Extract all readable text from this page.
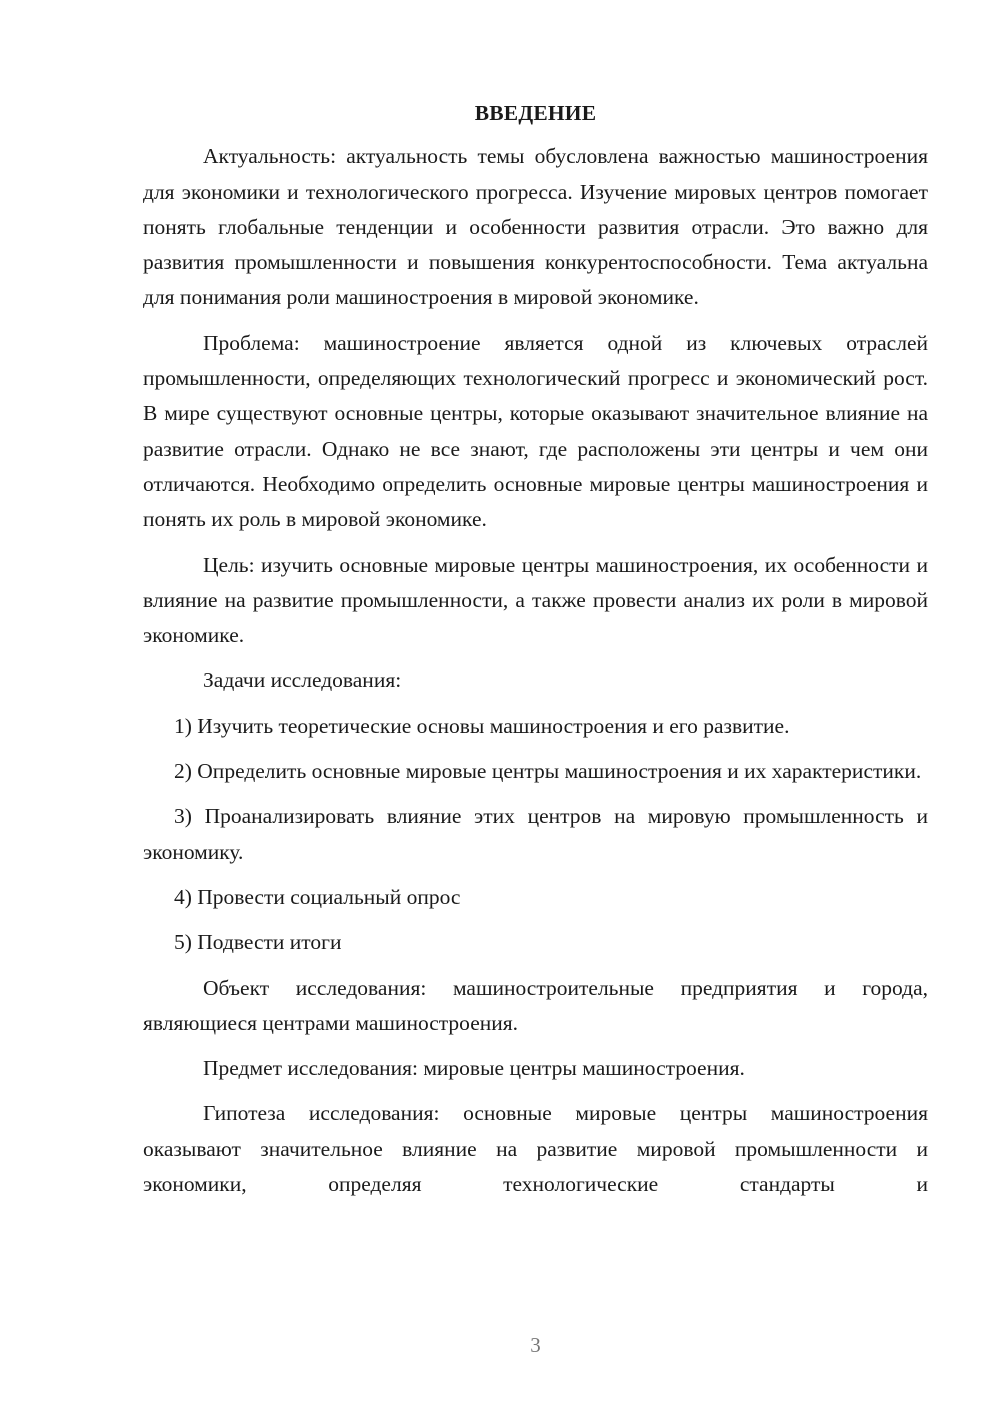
ВВЕДЕНИЕ

Актуальность: актуальность темы обусловлена важностью машиностроения для экономики и технологического прогресса. Изучение мировых центров помогает понять глобальные тенденции и особенности развития отрасли. Это важно для развития промышленности и повышения конкурентоспособности. Тема актуальна для понимания роли машиностроения в мировой экономике.

Проблема: машиностроение является одной из ключевых отраслей промышленности, определяющих технологический прогресс и экономический рост. В мире существуют основные центры, которые оказывают значительное влияние на развитие отрасли. Однако не все знают, где расположены эти центры и чем они отличаются. Необходимо определить основные мировые центры машиностроения и понять их роль в мировой экономике.

Цель: изучить основные мировые центры машиностроения, их особенности и влияние на развитие промышленности, а также провести анализ их роли в мировой экономике.

Задачи исследования:

1) Изучить теоретические основы машиностроения и его развитие.

2) Определить основные мировые центры машиностроения и их характеристики.

3) Проанализировать влияние этих центров на мировую промышленность и экономику.

4) Провести социальный опрос

5) Подвести итоги

Объект исследования: машиностроительные предприятия и города, являющиеся центрами машиностроения.

Предмет исследования: мировые центры машиностроения.

Гипотеза исследования: основные мировые центры машиностроения оказывают значительное влияние на развитие мировой промышленности и экономики, определяя технологические стандарты и

3
